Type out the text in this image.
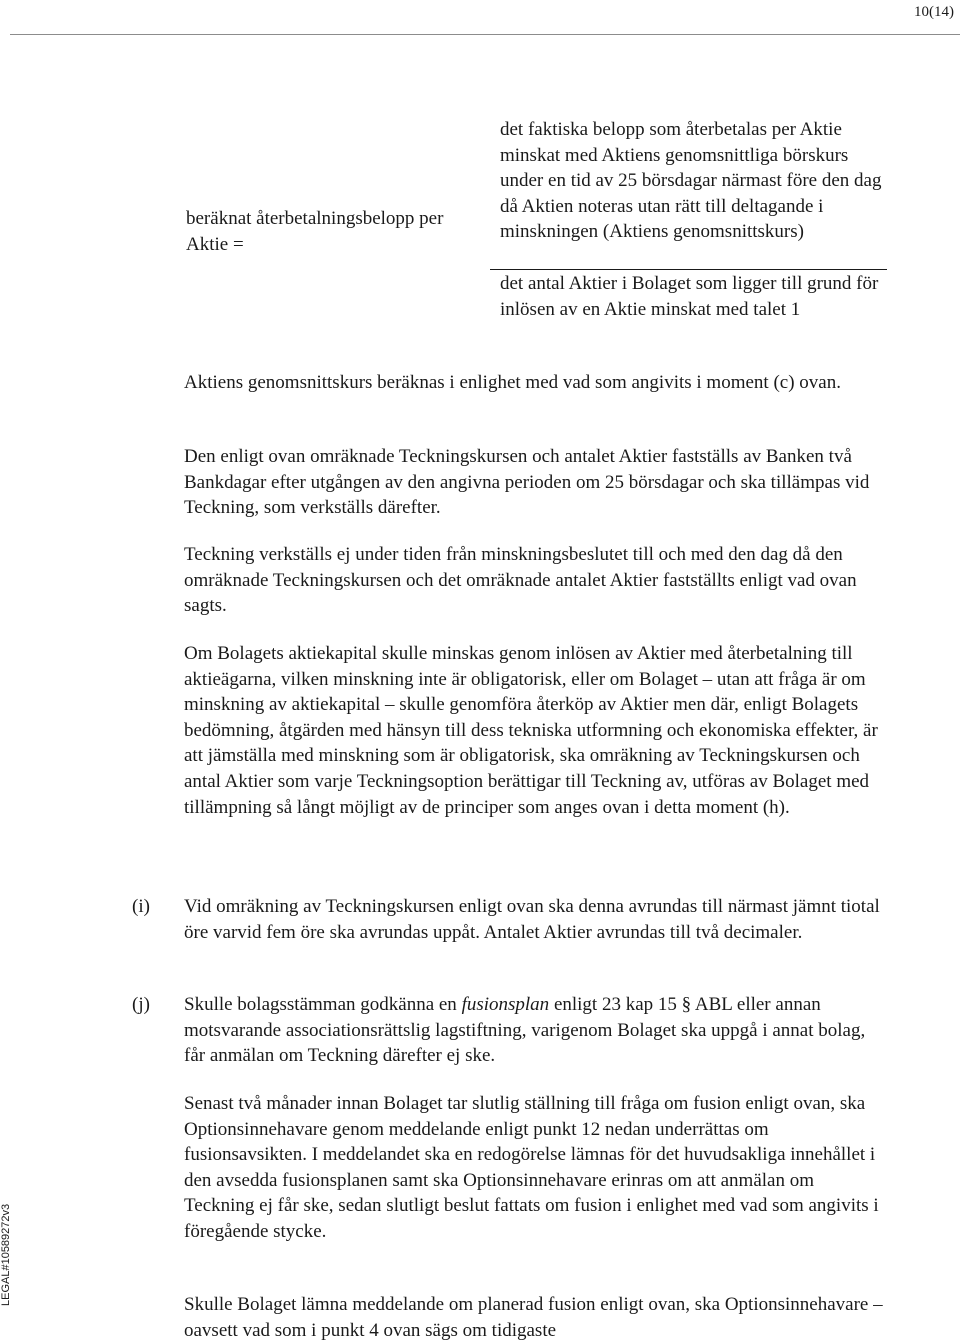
10(14)
LEGAL#10589272v3
beräknat återbetalningsbelopp per Aktie =
det faktiska belopp som återbetalas per Aktie minskat med Aktiens genomsnittliga börskurs under en tid av 25 börsdagar närmast före den dag då Aktien noteras utan rätt till deltagande i minskningen (Aktiens genomsnittskurs)
det antal Aktier i Bolaget som ligger till grund för inlösen av en Aktie minskat med talet 1

Aktiens genomsnittskurs beräknas i enlighet med vad som angivits i moment (c) ovan.

Den enligt ovan omräknade Teckningskursen och antalet Aktier fastställs av Banken två Bankdagar efter utgången av den angivna perioden om 25 börsdagar och ska tillämpas vid Teckning, som verkställs därefter.

Teckning verkställs ej under tiden från minskningsbeslutet till och med den dag då den omräknade Teckningskursen och det omräknade antalet Aktier fastställts enligt vad ovan sagts.

Om Bolagets aktiekapital skulle minskas genom inlösen av Aktier med återbetalning till aktieägarna, vilken minskning inte är obligatorisk, eller om Bolaget – utan att fråga är om minskning av aktiekapital – skulle genomföra återköp av Aktier men där, enligt Bolagets bedömning, åtgärden med hänsyn till dess tekniska utformning och ekonomiska effekter, är att jämställa med minskning som är obligatorisk, ska omräkning av Teckningskursen och antal Aktier som varje Teckningsoption berättigar till Teckning av, utföras av Bolaget med tillämpning så långt möjligt av de principer som anges ovan i detta moment (h).

(i)	Vid omräkning av Teckningskursen enligt ovan ska denna avrundas till närmast jämnt tiotal öre varvid fem öre ska avrundas uppåt. Antalet Aktier avrundas till två decimaler.

(j)	Skulle bolagsstämman godkänna en fusionsplan enligt 23 kap 15 § ABL eller annan motsvarande associationsrättslig lagstiftning, varigenom Bolaget ska uppgå i annat bolag, får anmälan om Teckning därefter ej ske.

Senast två månader innan Bolaget tar slutlig ställning till fråga om fusion enligt ovan, ska Optionsinnehavare genom meddelande enligt punkt 12 nedan underrättas om fusionsavsikten. I meddelandet ska en redogörelse lämnas för det huvudsakliga innehållet i den avsedda fusionsplanen samt ska Optionsinnehavare erinras om att anmälan om Teckning ej får ske, sedan slutligt beslut fattats om fusion i enlighet med vad som angivits i föregående stycke.

Skulle Bolaget lämna meddelande om planerad fusion enligt ovan, ska Optionsinnehavare – oavsett vad som i punkt 4 ovan sägs om tidigaste
